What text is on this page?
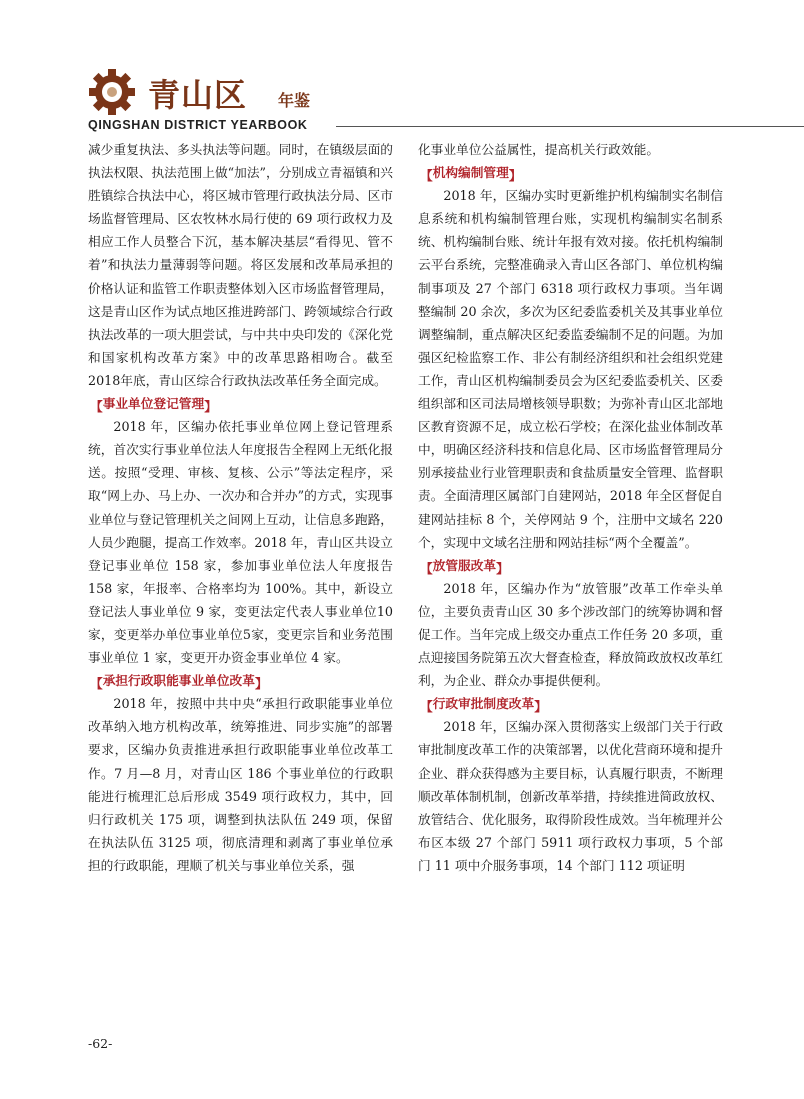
青山区 年鉴
QINGSHAN DISTRICT YEARBOOK

减少重复执法、多头执法等问题。同时，在镇级层面的执法权限、执法范围上做“加法”，分别成立青福镇和兴胜镇综合执法中心，将区城市管理行政执法分局、区市场监督管理局、区农牧林水局行使的 69 项行政权力及相应工作人员整合下沉，基本解决基层“看得见、管不着”和执法力量薄弱等问题。将区发展和改革局承担的价格认证和监管工作职责整体划入区市场监督管理局，这是青山区作为试点地区推进跨部门、跨领域综合行政执法改革的一项大胆尝试，与中共中央印发的《深化党和国家机构改革方案》中的改革思路相吻合。截至2018年底，青山区综合行政执法改革任务全面完成。

【事业单位登记管理】

2018 年，区编办依托事业单位网上登记管理系统，首次实行事业单位法人年度报告全程网上无纸化报送。按照“受理、审核、复核、公示”等法定程序，采取“网上办、马上办、一次办和合并办”的方式，实现事业单位与登记管理机关之间网上互动，让信息多跑路，人员少跑腿，提高工作效率。2018 年，青山区共设立登记事业单位 158 家，参加事业单位法人年度报告 158 家，年报率、合格率均为 100%。其中，新设立登记法人事业单位 9 家，变更法定代表人事业单位10家，变更举办单位事业单位5家，变更宗旨和业务范围事业单位 1 家，变更开办资金事业单位 4 家。

【承担行政职能事业单位改革】

2018 年，按照中共中央“承担行政职能事业单位改革纳入地方机构改革，统筹推进、同步实施”的部署要求，区编办负责推进承担行政职能事业单位改革工作。7 月—8 月，对青山区 186 个事业单位的行政职能进行梳理汇总后形成 3549 项行政权力，其中，回归行政机关 175 项，调整到执法队伍 249 项，保留在执法队伍 3125 项，彻底清理和剥离了事业单位承担的行政职能，理顺了机关与事业单位关系，强

化事业单位公益属性，提高机关行政效能。

【机构编制管理】

2018 年，区编办实时更新维护机构编制实名制信息系统和机构编制管理台账，实现机构编制实名制系统、机构编制台账、统计年报有效对接。依托机构编制云平台系统，完整准确录入青山区各部门、单位机构编制事项及 27 个部门 6318 项行政权力事项。当年调整编制 20 余次，多次为区纪委监委机关及其事业单位调整编制，重点解决区纪委监委编制不足的问题。为加强区纪检监察工作、非公有制经济组织和社会组织党建工作，青山区机构编制委员会为区纪委监委机关、区委组织部和区司法局增核领导职数；为弥补青山区北部地区教育资源不足，成立松石学校；在深化盐业体制改革中，明确区经济科技和信息化局、区市场监督管理局分别承接盐业行业管理职责和食盐质量安全管理、监督职责。全面清理区属部门自建网站，2018 年全区督促自建网站挂标 8 个，关停网站 9 个，注册中文域名 220 个，实现中文域名注册和网站挂标“两个全覆盖”。

【放管服改革】

2018 年，区编办作为“放管服”改革工作牵头单位，主要负责青山区 30 多个涉改部门的统筹协调和督促工作。当年完成上级交办重点工作任务 20 多项，重点迎接国务院第五次大督查检查，释放简政放权改革红利，为企业、群众办事提供便利。

【行政审批制度改革】

2018 年，区编办深入贯彻落实上级部门关于行政审批制度改革工作的决策部署，以优化营商环境和提升企业、群众获得感为主要目标，认真履行职责，不断理顺改革体制机制，创新改革举措，持续推进简政放权、放管结合、优化服务，取得阶段性成效。当年梳理并公布区本级 27 个部门 5911 项行政权力事项，5 个部门 11 项中介服务事项，14 个部门 112 项证明

-62-
